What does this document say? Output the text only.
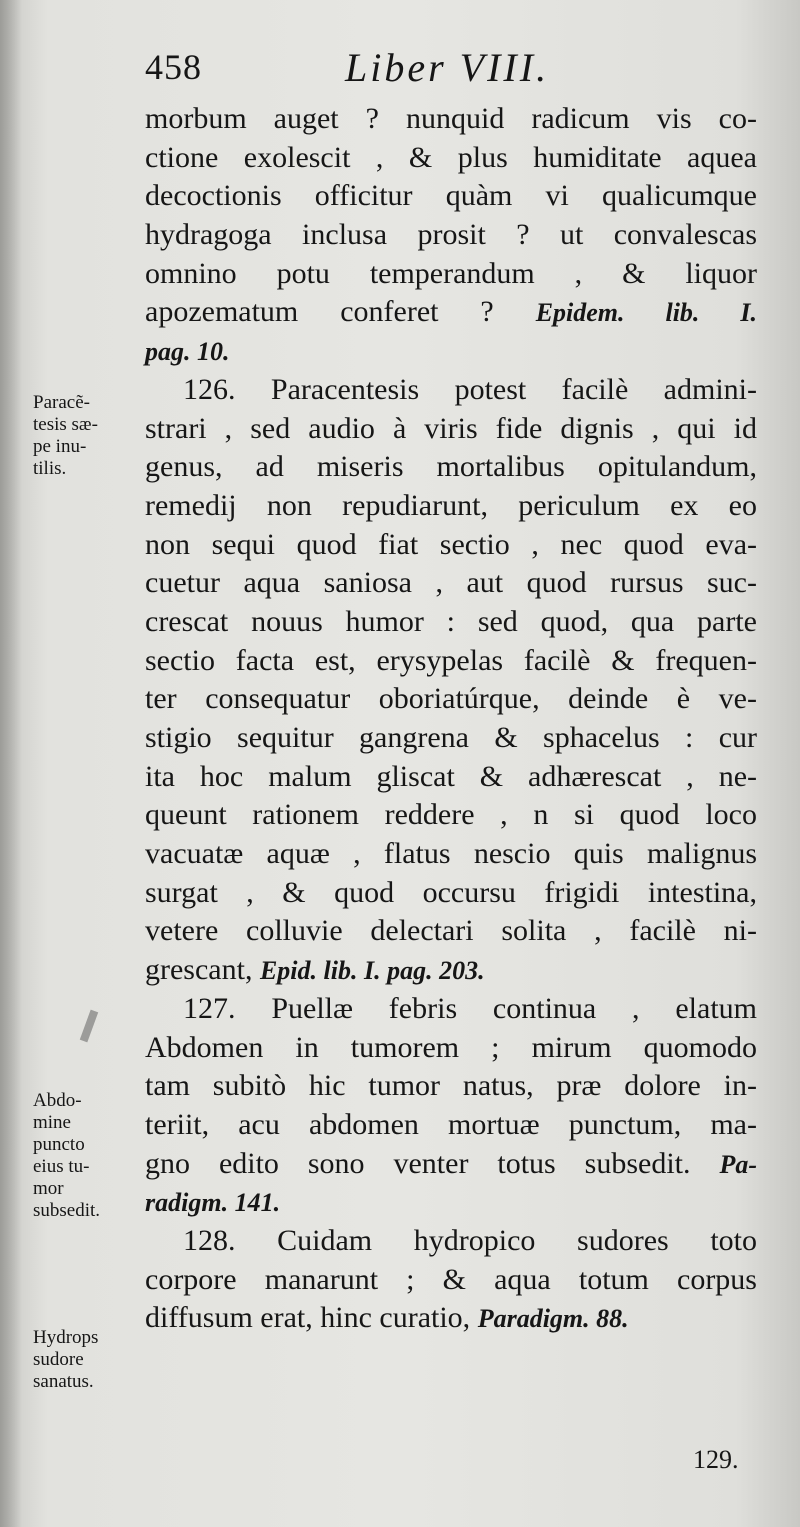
458	Liber VIII.
morbum auget ? nunquid radicum vis co-
ctione exolescit , & plus humiditate aquea
decoctionis officitur quàm vi qualicumque
hydragoga inclusa prosit ? ut convalescas
omnino potu temperandum , & liquor
apozematum conferet ? Epidem. lib. I.
pag. 10.
126. Paracentesis potest facilè admini-
strari , sed audio à viris fide dignis , qui id
genus, ad miseris mortalibus opitulandum,
remedij non repudiarunt, periculum ex eo
non sequi quod fiat sectio , nec quod eva-
cuetur aqua saniosa , aut quod rursus suc-
crescat nouus humor : sed quod, qua parte
sectio facta est, erysypelas facilè & frequen-
ter consequatur oboriatúrque, deinde è ve-
stigio sequitur gangrena & sphacelus : cur
ita hoc malum gliscat & adhærescat , ne-
queunt rationem reddere , n si quod loco
vacuatæ aquæ , flatus nescio quis malignus
surgat , & quod occursu frigidi intestina,
vetere colluvie delectari solita , facilè ni-
grescant, Epid. lib. I. pag. 203.
127. Puellæ febris continua , elatum
Abdomen in tumorem ; mirum quomodo
tam subitò hic tumor natus, præ dolore in-
teriit, acu abdomen mortuæ punctum, ma-
gno edito sono venter totus subsedit. Pa-
radigm. 141.
128. Cuidam hydropico sudores toto
corpore manarunt ; & aqua totum corpus
diffusum erat, hinc curatio, Paradigm. 88.
Paracẽ-
tesis sæ-
pe inu-
tilis.
Abdo-
mine
puncto
eius tu-
mor
subsedit.
Hydrops
sudore
sanatus.
129.
